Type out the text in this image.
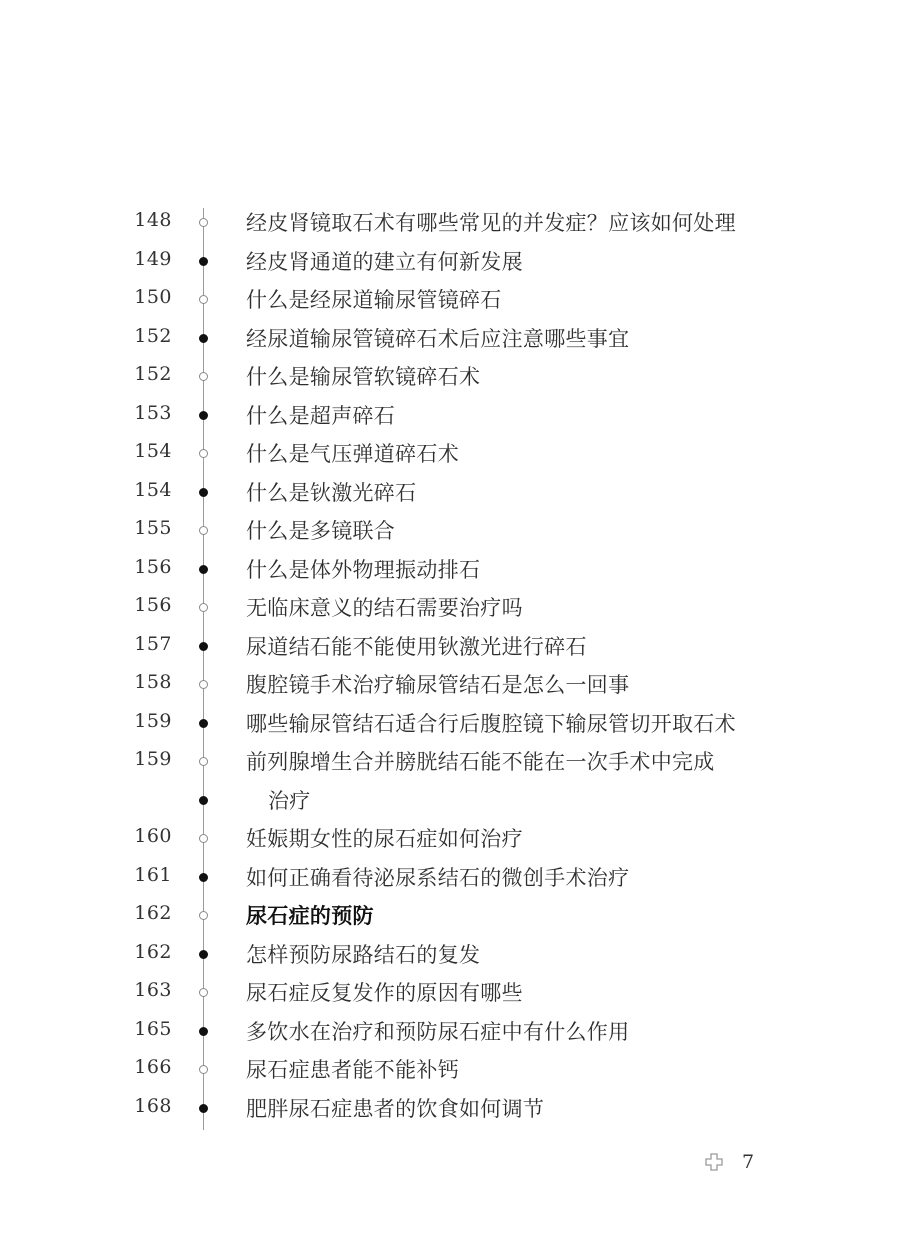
148	经皮肾镜取石术有哪些常见的并发症？应该如何处理
149	经皮肾通道的建立有何新发展
150	什么是经尿道输尿管镜碎石
152	经尿道输尿管镜碎石术后应注意哪些事宜
152	什么是输尿管软镜碎石术
153	什么是超声碎石
154	什么是气压弹道碎石术
154	什么是钬激光碎石
155	什么是多镜联合
156	什么是体外物理振动排石
156	无临床意义的结石需要治疗吗
157	尿道结石能不能使用钬激光进行碎石
158	腹腔镜手术治疗输尿管结石是怎么一回事
159	哪些输尿管结石适合行后腹腔镜下输尿管切开取石术
159	前列腺增生合并膀胱结石能不能在一次手术中完成
治疗
160	妊娠期女性的尿石症如何治疗
161	如何正确看待泌尿系结石的微创手术治疗
162	尿石症的预防
162	怎样预防尿路结石的复发
163	尿石症反复发作的原因有哪些
165	多饮水在治疗和预防尿石症中有什么作用
166	尿石症患者能不能补钙
168	肥胖尿石症患者的饮食如何调节
7
